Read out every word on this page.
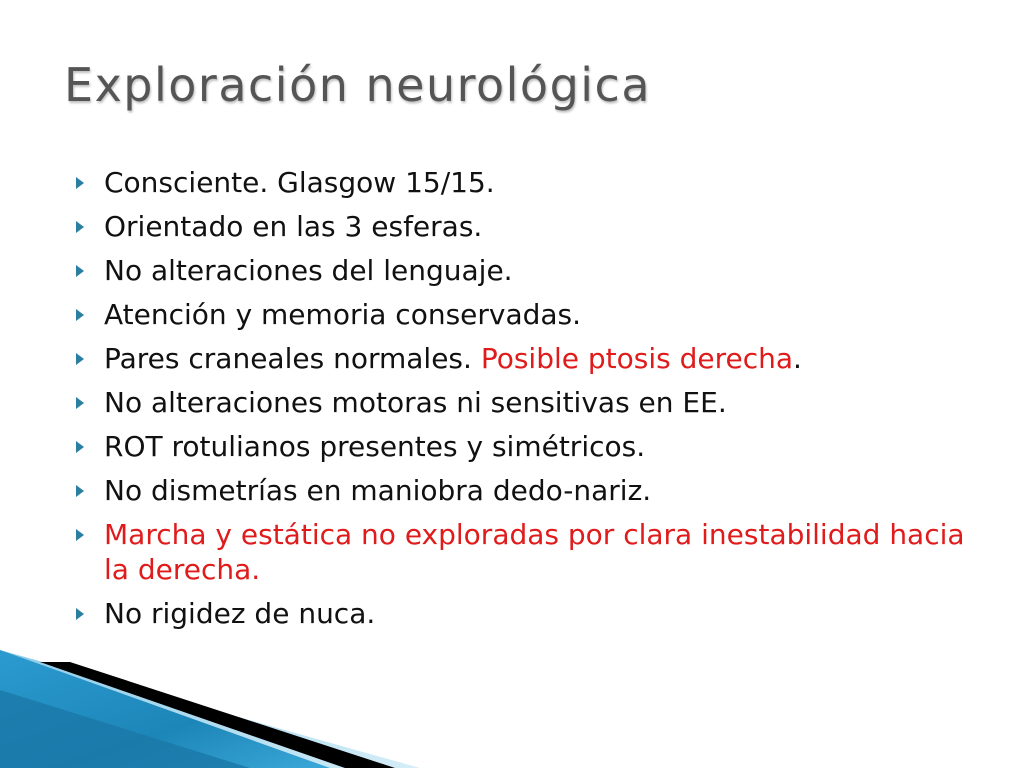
Exploración neurológica
Consciente. Glasgow 15/15.
Orientado en las 3 esferas.
No alteraciones del lenguaje.
Atención y memoria conservadas.
Pares craneales normales. Posible ptosis derecha.
No alteraciones motoras ni sensitivas en EE.
ROT rotulianos presentes y simétricos.
No dismetrías en maniobra dedo-nariz.
Marcha y estática no exploradas por clara inestabilidad hacia la derecha.
No rigidez de nuca.
